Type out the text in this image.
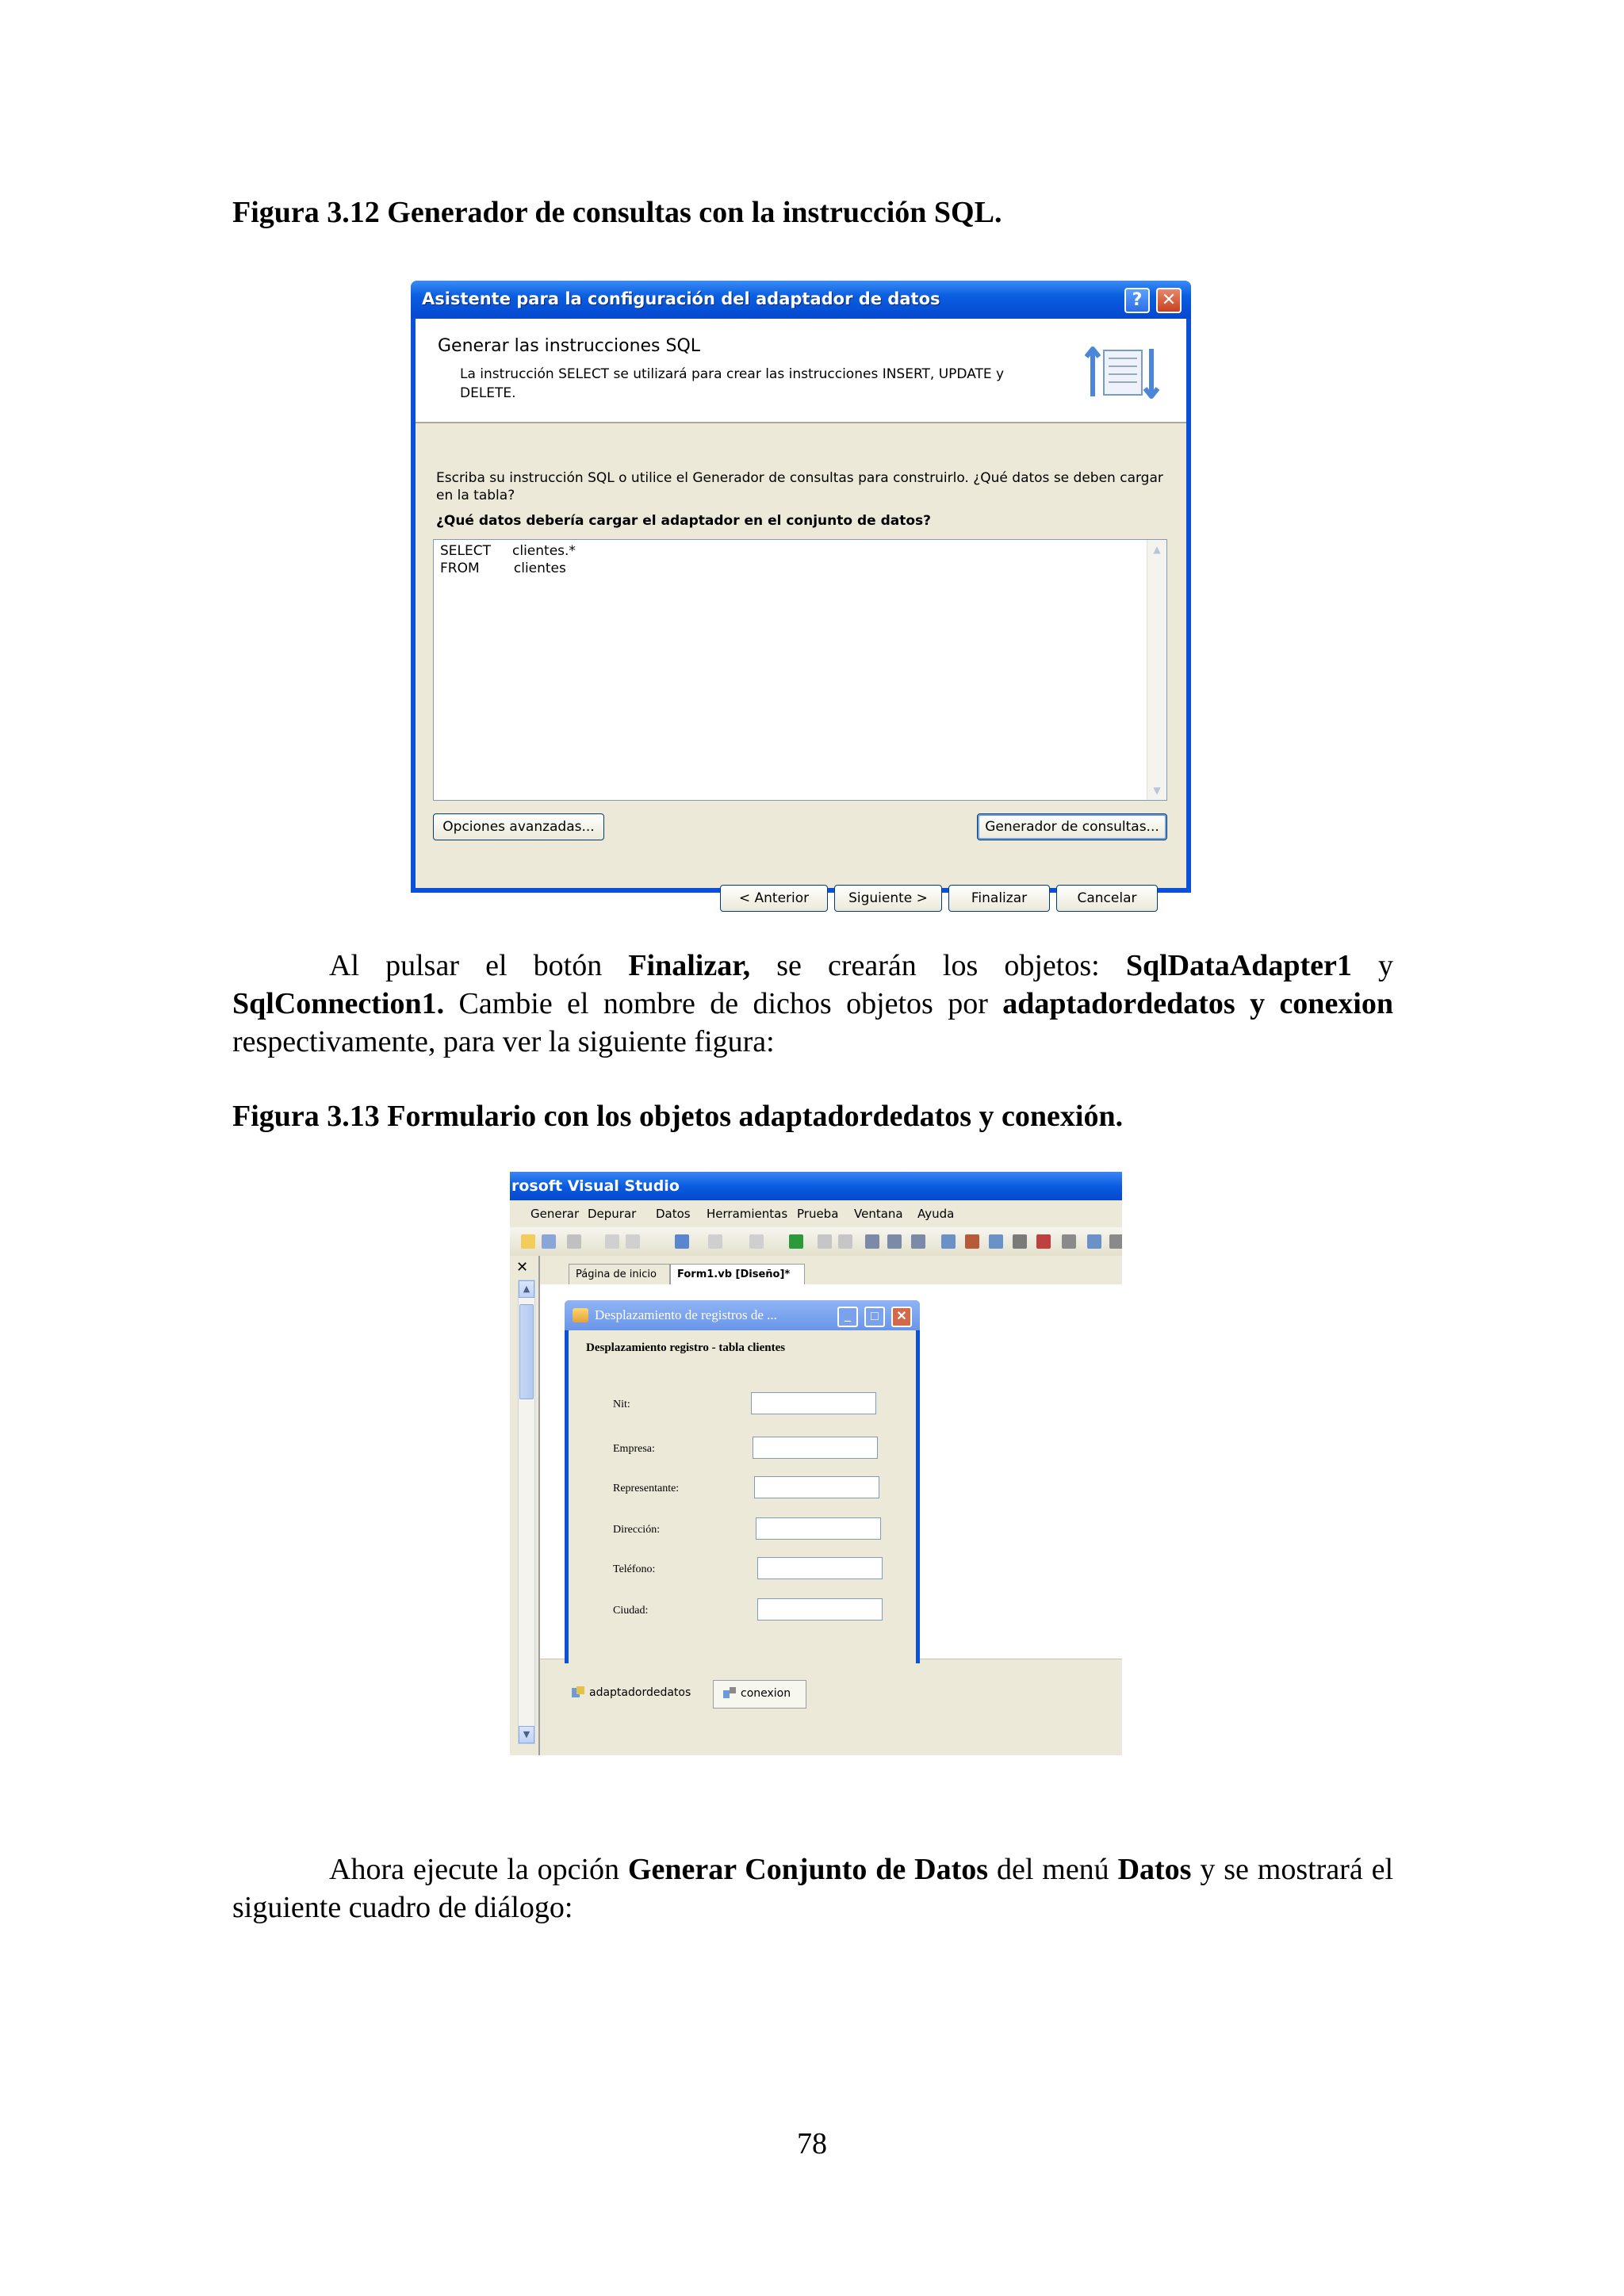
Figura 3.12 Generador de consultas con la instrucción SQL.
Asistente para la configuración del adaptador de datos	?	✕
Generar las instrucciones SQL
La instrucción SELECT se utilizará para crear las instrucciones INSERT, UPDATE y DELETE.
Escriba su instrucción SQL o utilice el Generador de consultas para construirlo. ¿Qué datos se deben cargar en la tabla?
¿Qué datos debería cargar el adaptador en el conjunto de datos?
SELECT     clientes.*
FROM        clientes
▲
▼
Opciones avanzadas...	Generador de consultas...
< Anterior	Siguiente >	Finalizar	Cancelar

Al pulsar el botón Finalizar, se crearán los objetos: SqlDataAdapter1 y SqlConnection1. Cambie el nombre de dichos objetos por adaptadordedatos y conexion respectivamente, para ver la siguiente figura:

Figura 3.13 Formulario con los objetos adaptadordedatos y conexión.
rosoft Visual Studio
Generar Depurar Datos Herramientas Prueba Ventana Ayuda
✕
▲
▼
Página de inicio	Form1.vb [Diseño]*
adaptadordedatos	conexion
Desplazamiento de registros de ...	_	□	✕
Desplazamiento registro - tabla clientes
Nit:
Empresa:
Representante:
Dirección:
Teléfono:
Ciudad:

Ahora ejecute la opción Generar Conjunto de Datos del menú Datos y se mostrará el siguiente cuadro de diálogo:

78
